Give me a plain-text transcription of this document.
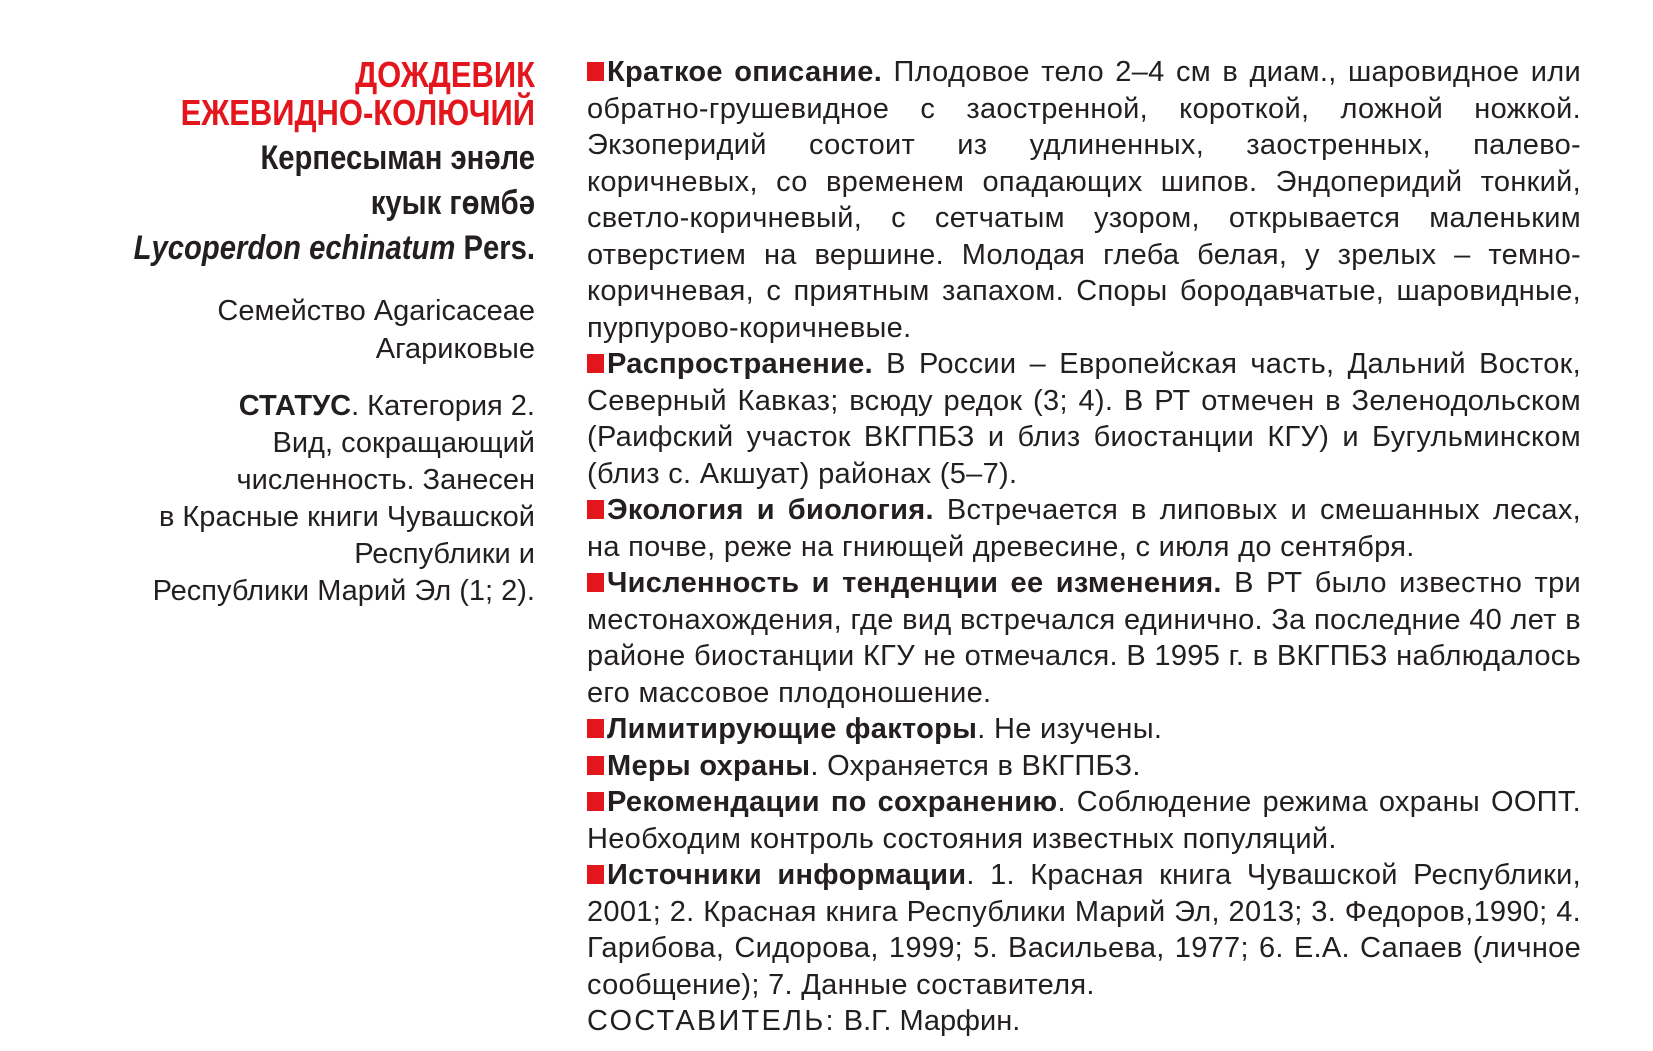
ДОЖДЕВИК
ЕЖЕВИДНО-КОЛЮЧИЙ
Керпесыман энәле
куык гөмбә
Lycoperdon echinatum Pers.
Семейство Agaricaceae
Агариковые
СТАТУС. Категория 2.
Вид, сокращающий
численность. Занесен
в Красные книги Чувашской
Республики и
Республики Марий Эл (1; 2).

Краткое описание. Плодовое тело 2–4 см в диам., шаровидное или обратно-грушевидное с заостренной, короткой, ложной ножкой. Экзоперидий состоит из удлиненных, заостренных, палево-коричневых, со временем опадающих шипов. Эндоперидий тонкий, светло-коричневый, с сетчатым узором, открывается маленьким отверстием на вершине. Молодая глеба белая, у зрелых – темно-коричневая, с приятным запахом. Споры бородавчатые, шаровидные, пурпурово-коричневые.

Распространение. В России – Европейская часть, Дальний Восток, Северный Кавказ; всюду редок (3; 4). В РТ отмечен в Зеленодольском (Раифский участок ВКГПБЗ и близ биостанции КГУ) и Бугульминском (близ с. Акшуат) районах (5–7).

Экология и биология. Встречается в липовых и смешанных лесах, на почве, реже на гниющей древесине, с июля до сентября.

Численность и тенденции ее изменения. В РТ было известно три местонахождения, где вид встречался единично. За последние 40 лет в районе биостанции КГУ не отмечался. В 1995 г. в ВКГПБЗ наблюдалось его массовое плодоношение.

Лимитирующие факторы. Не изучены.

Меры охраны. Охраняется в ВКГПБЗ.

Рекомендации по сохранению. Соблюдение режима охраны ООПТ. Необходим контроль состояния известных популяций.

Источники информации. 1. Красная книга Чувашской Республики, 2001; 2. Красная книга Республики Марий Эл, 2013; 3. Федоров,1990; 4. Гарибова, Сидорова, 1999; 5. Васильева, 1977; 6. Е.А. Сапаев (личное сообщение); 7. Данные составителя.

СОСТАВИТЕЛЬ: В.Г. Марфин.
